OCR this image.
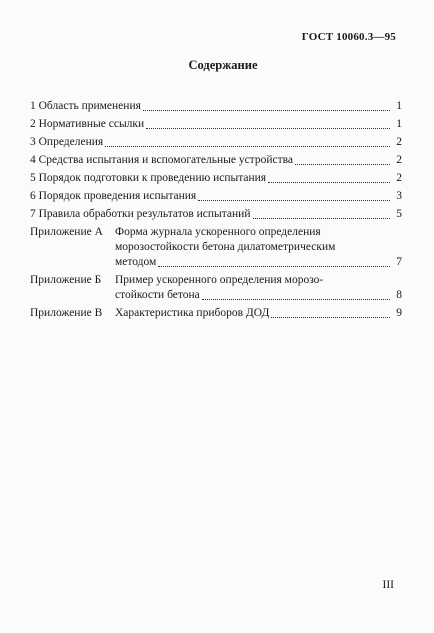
ГОСТ 10060.3—95
Содержание
1 Область применения	1
2 Нормативные ссылки	1
3 Определения	2
4 Средства испытания и вспомогательные устройства	2
5 Порядок подготовки к проведению испытания	2
6 Порядок проведения испытания	3
7 Правила обработки результатов испытаний	5
Приложение А	Форма журнала ускоренного определения
морозостойкости бетона дилатометрическим
методом	7
Приложение Б	Пример ускоренного определения морозо-
стойкости бетона	8
Приложение В	Характеристика приборов ДОД	9
III
